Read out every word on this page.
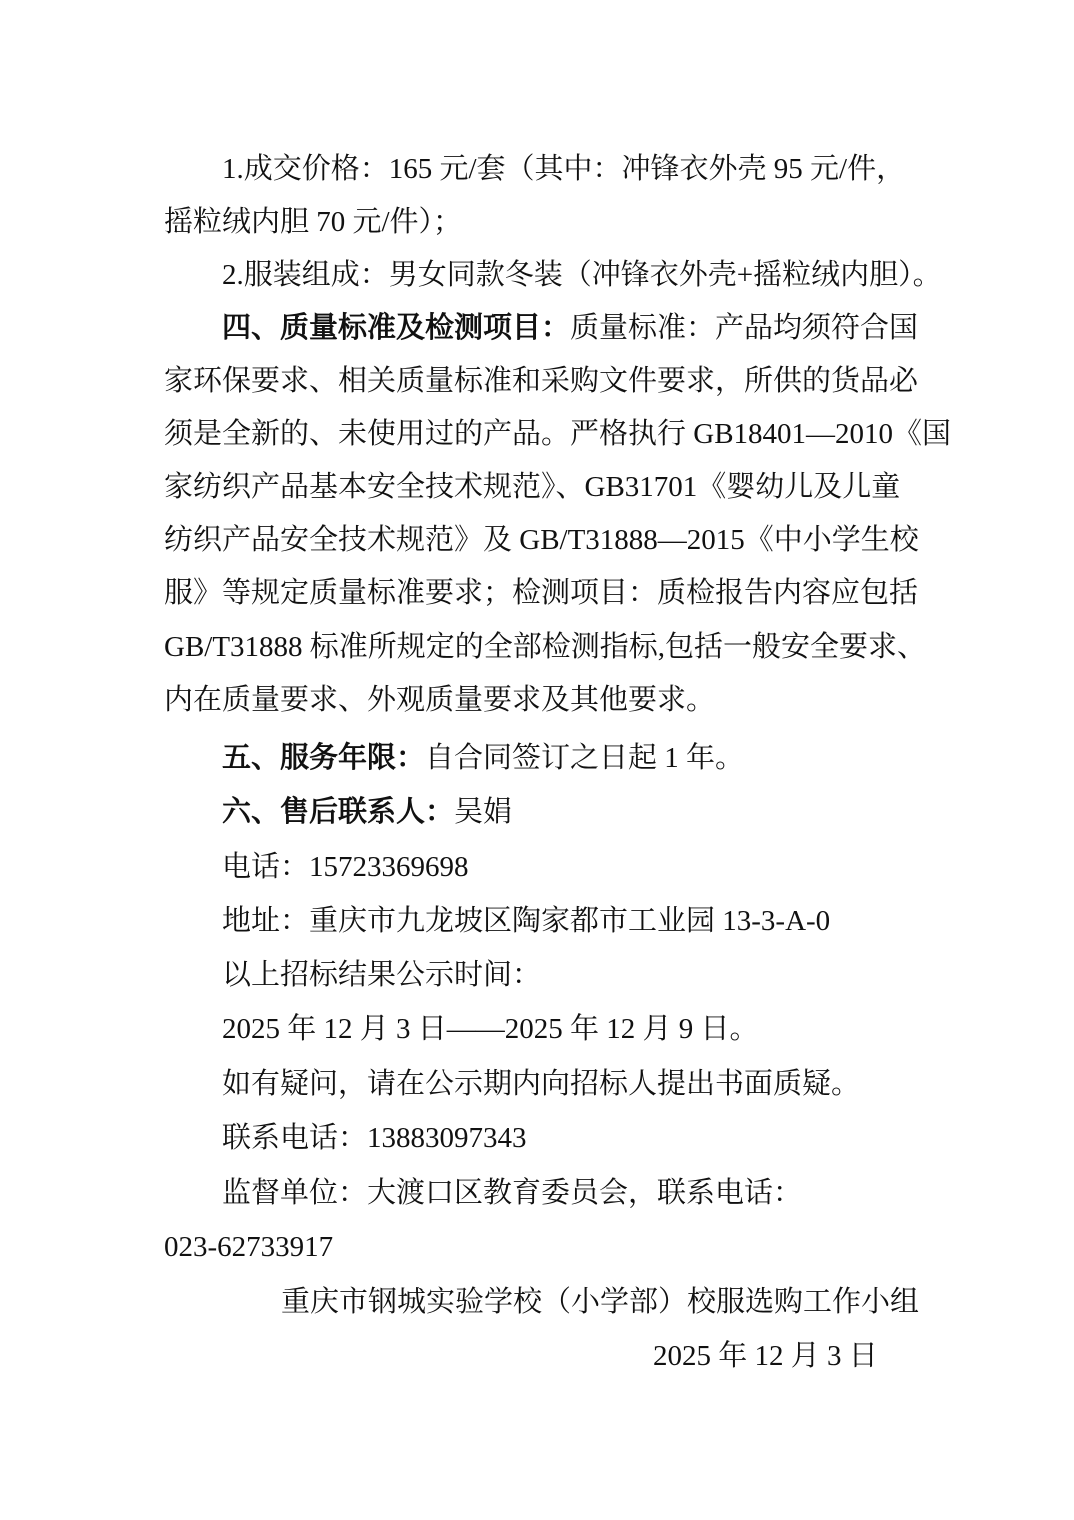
1.成交价格：165 元/套（其中：冲锋衣外壳 95 元/件，
摇粒绒内胆 70 元/件）；
2.服装组成：男女同款冬装（冲锋衣外壳+摇粒绒内胆）。
四、质量标准及检测项目：质量标准：产品均须符合国
家环保要求、相关质量标准和采购文件要求，所供的货品必
须是全新的、未使用过的产品。严格执行 GB18401—2010《国
家纺织产品基本安全技术规范》、GB31701《婴幼儿及儿童
纺织产品安全技术规范》及 GB/T31888—2015《中小学生校
服》等规定质量标准要求；检测项目：质检报告内容应包括
GB/T31888 标准所规定的全部检测指标,包括一般安全要求、
内在质量要求、外观质量要求及其他要求。
五、服务年限：自合同签订之日起 1 年。
六、售后联系人：吴娟
电话：15723369698
地址：重庆市九龙坡区陶家都市工业园 13-3-A-0
以上招标结果公示时间：
2025 年 12 月 3 日——2025 年 12 月 9 日。
如有疑问，请在公示期内向招标人提出书面质疑。
联系电话：13883097343
监督单位：大渡口区教育委员会，联系电话：
023-62733917
重庆市钢城实验学校（小学部）校服选购工作小组
2025 年 12 月 3 日
